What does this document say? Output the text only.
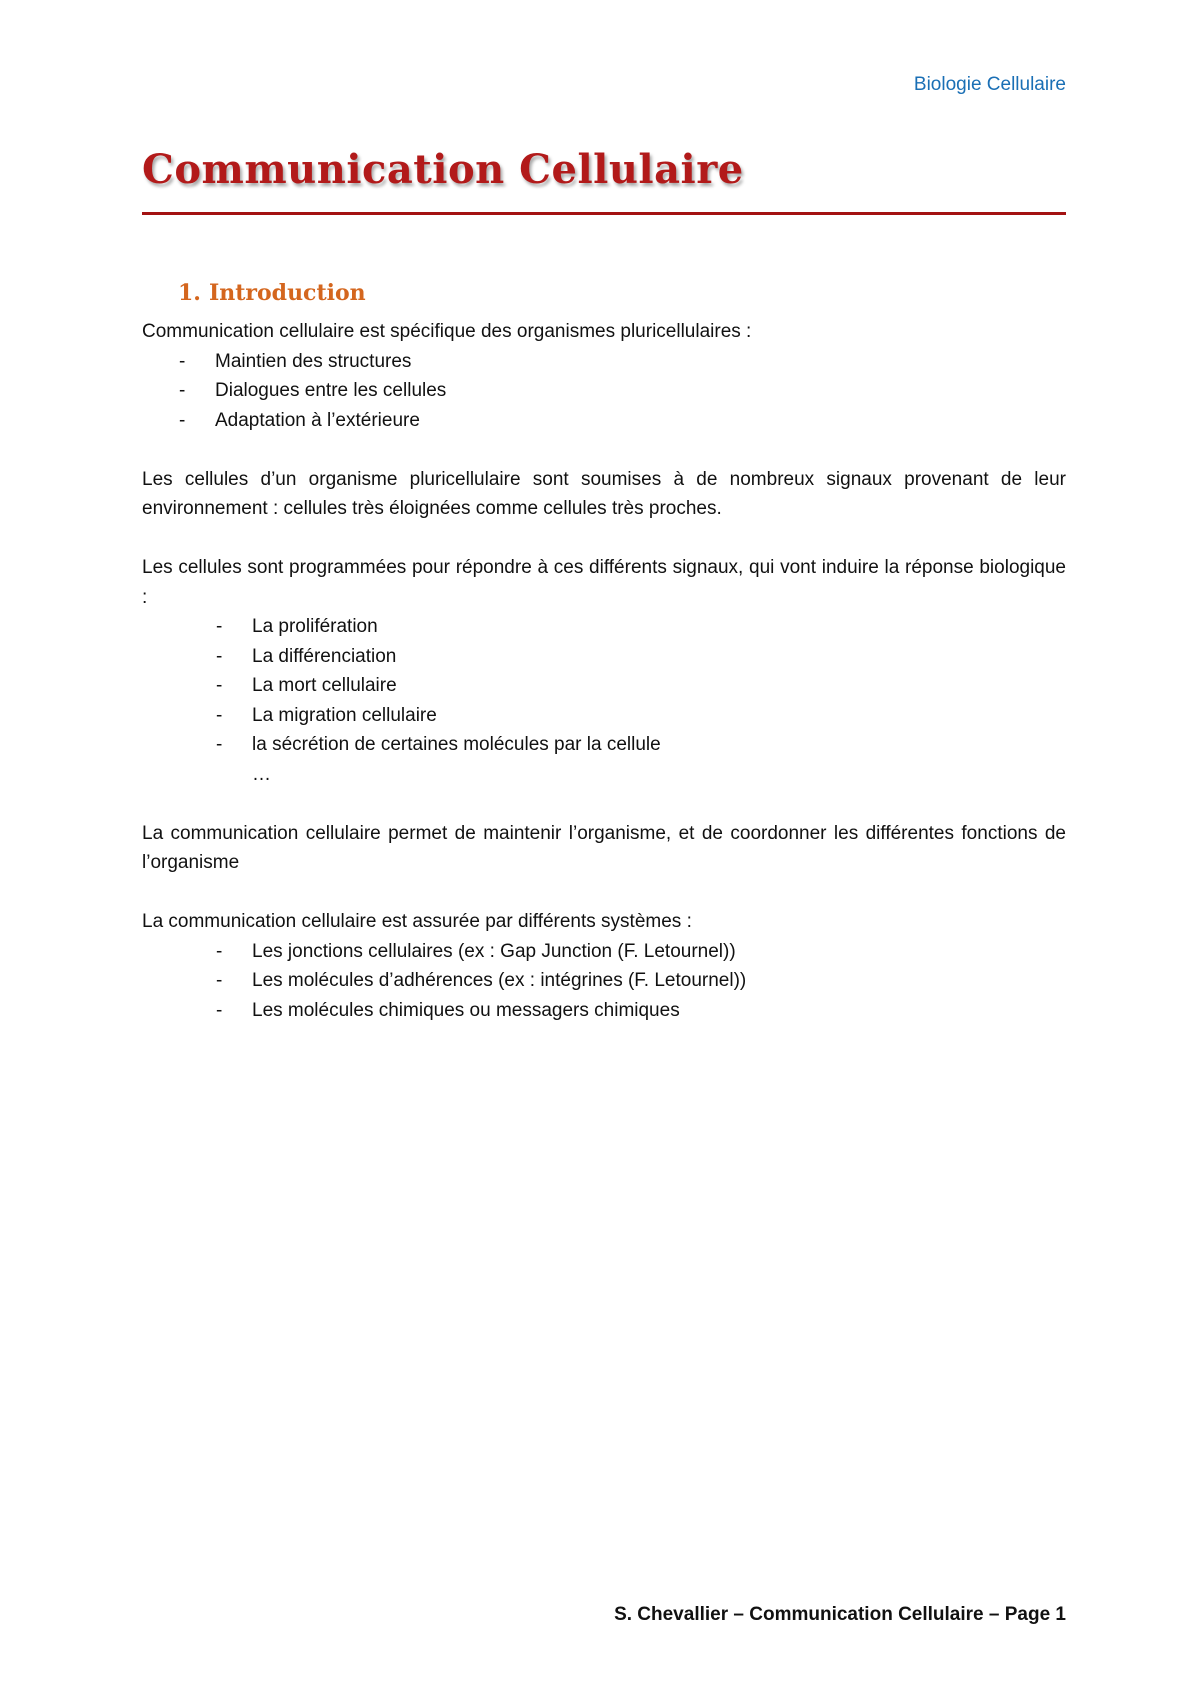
Biologie Cellulaire
Communication Cellulaire
1. Introduction

Communication cellulaire est spécifique des organismes pluricellulaires :

- Maintien des structures
- Dialogues entre les cellules
- Adaptation à l’extérieure

Les cellules d’un organisme pluricellulaire sont soumises à de nombreux signaux provenant de leur environnement : cellules très éloignées comme cellules très proches.

Les cellules sont programmées pour répondre à ces différents signaux, qui vont induire la réponse biologique :

- La prolifération
- La différenciation
- La mort cellulaire
- La migration cellulaire
- la sécrétion de certaines molécules par la cellule
…

La communication cellulaire permet de maintenir l’organisme, et de coordonner les différentes fonctions de l’organisme

La communication cellulaire est assurée par différents systèmes :

- Les jonctions cellulaires (ex : Gap Junction (F. Letournel))
- Les molécules d’adhérences (ex : intégrines (F. Letournel))
- Les molécules chimiques ou messagers chimiques
S. Chevallier – Communication Cellulaire – Page 1
